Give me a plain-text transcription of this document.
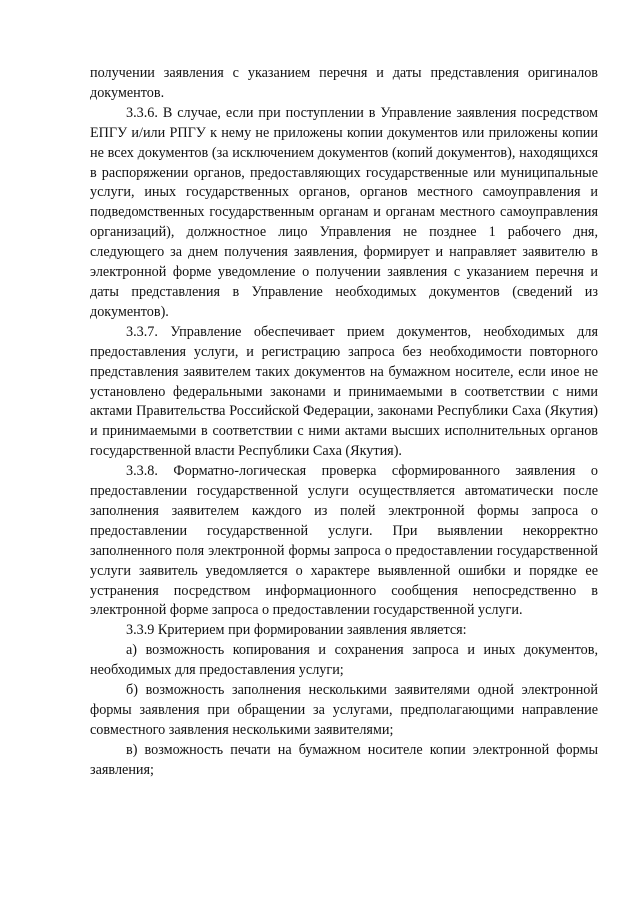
получении заявления с указанием перечня и даты представления оригиналов документов.

3.3.6. В случае, если при поступлении в Управление заявления посредством ЕПГУ и/или РПГУ к нему не приложены копии документов или приложены копии не всех документов (за исключением документов (копий документов), находящихся в распоряжении органов, предоставляющих государственные или муниципальные услуги, иных государственных органов, органов местного самоуправления и подведомственных государственным органам и органам местного самоуправления организаций), должностное лицо Управления не позднее 1 рабочего дня, следующего за днем получения заявления, формирует и направляет заявителю в электронной форме уведомление о получении заявления с указанием перечня и даты представления в Управление необходимых документов (сведений из документов).

3.3.7. Управление обеспечивает прием документов, необходимых для предоставления услуги, и регистрацию запроса без необходимости повторного представления заявителем таких документов на бумажном носителе, если иное не установлено федеральными законами и принимаемыми в соответствии с ними актами Правительства Российской Федерации, законами Республики Саха (Якутия) и принимаемыми в соответствии с ними актами высших исполнительных органов государственной власти Республики Саха (Якутия).

3.3.8. Форматно-логическая проверка сформированного заявления о предоставлении государственной услуги осуществляется автоматически после заполнения заявителем каждого из полей электронной формы запроса о предоставлении государственной услуги. При выявлении некорректно заполненного поля электронной формы запроса о предоставлении государственной услуги заявитель уведомляется о характере выявленной ошибки и порядке ее устранения посредством информационного сообщения непосредственно в электронной форме запроса о предоставлении государственной услуги.

3.3.9 Критерием при формировании заявления является:

а) возможность копирования и сохранения запроса и иных документов, необходимых для предоставления услуги;

б) возможность заполнения несколькими заявителями одной электронной формы заявления при обращении за услугами, предполагающими направление совместного заявления несколькими заявителями;

в) возможность печати на бумажном носителе копии электронной формы заявления;
